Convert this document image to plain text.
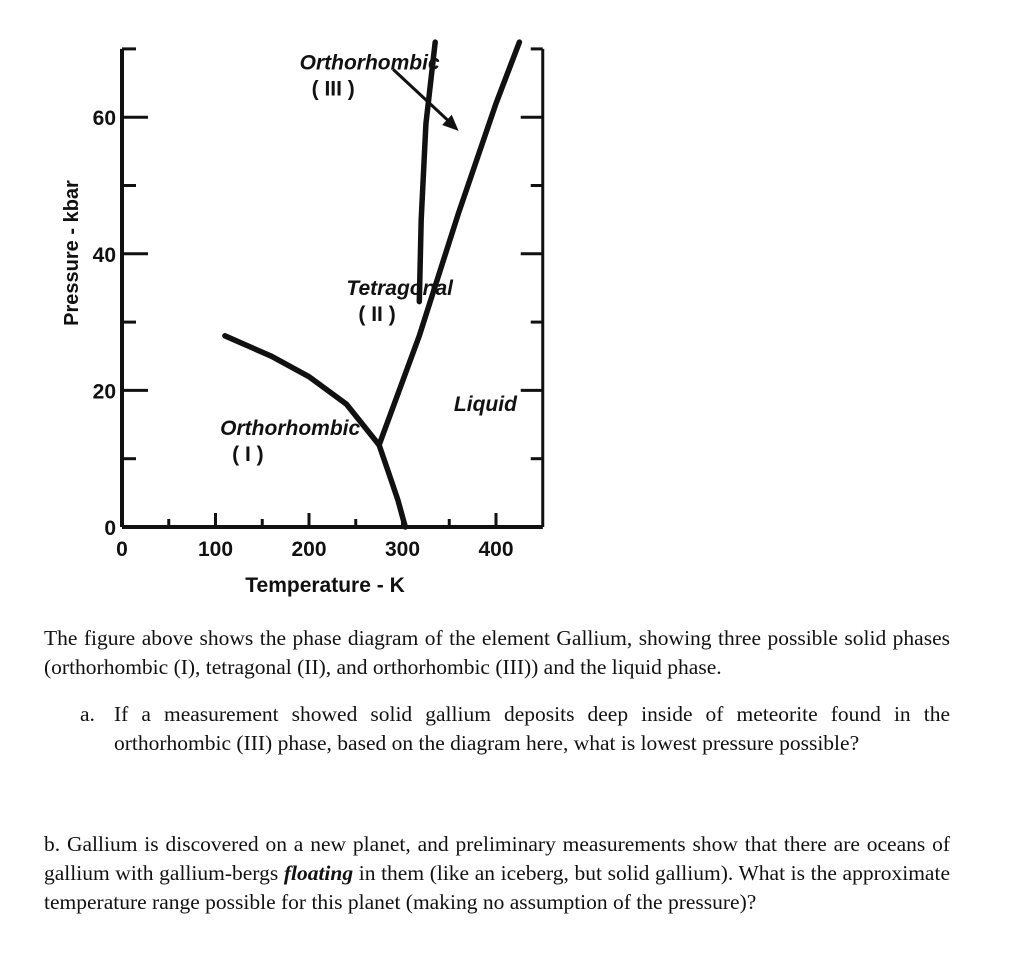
0
20
40
60
0	100	200	300	400
Orthorhombic
( III )
Tetragonal
( II )
Orthorhombic
( I )
Liquid
Temperature - K
Pressure - kbar

The figure above shows the phase diagram of the element Gallium, showing three possible solid phases (orthorhombic (I), tetragonal (II), and orthorhombic (III)) and the liquid phase.

a. If a measurement showed solid gallium deposits deep inside of meteorite found in the orthorhombic (III) phase, based on the diagram here, what is lowest pressure possible?

b. Gallium is discovered on a new planet, and preliminary measurements show that there are oceans of gallium with gallium-bergs floating in them (like an iceberg, but solid gallium). What is the approximate temperature range possible for this planet (making no assumption of the pressure)?
